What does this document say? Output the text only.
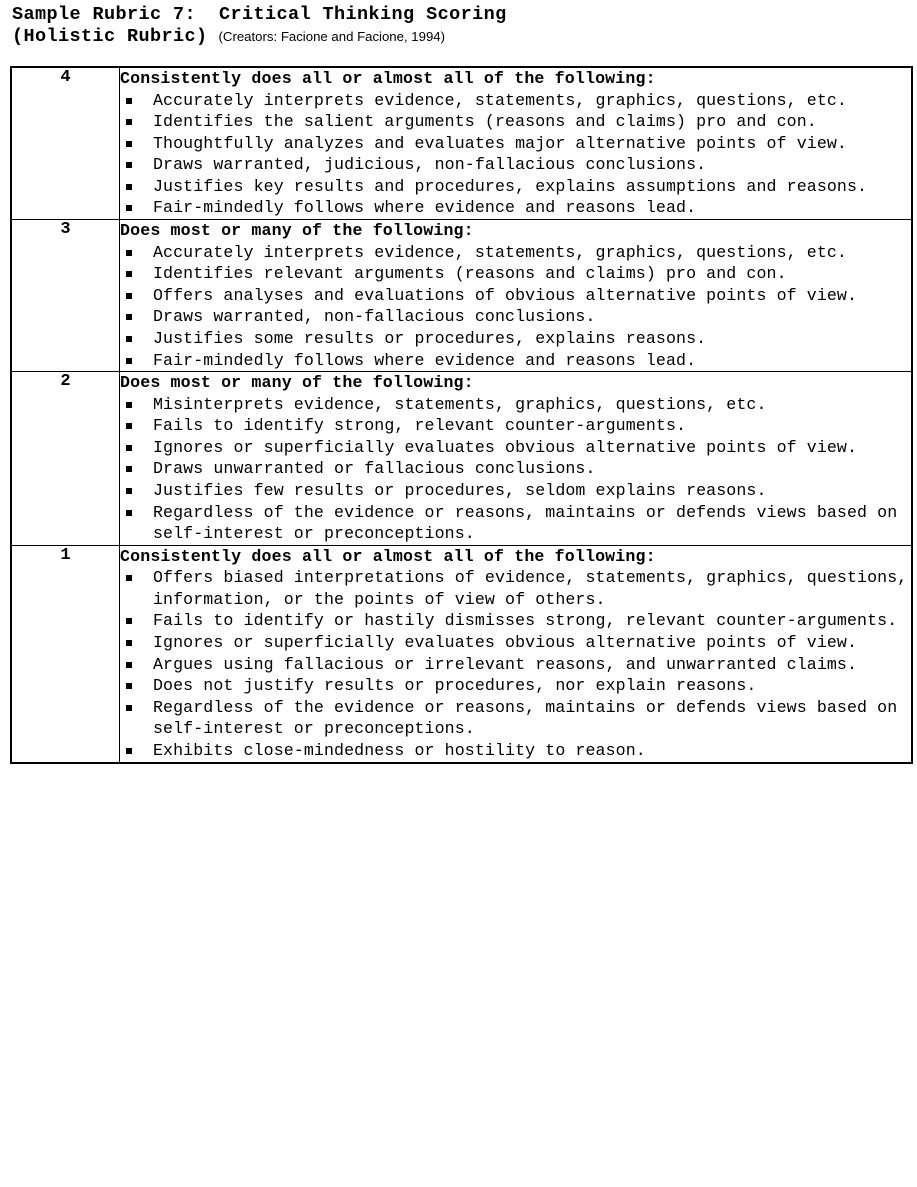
Sample Rubric 7:  Critical Thinking Scoring
(Holistic Rubric) (Creators: Facione and Facione, 1994)
4	Consistently does all or almost all of the following:
Accurately interprets evidence, statements, graphics, questions, etc.
Identifies the salient arguments (reasons and claims) pro and con.
Thoughtfully analyzes and evaluates major alternative points of view.
Draws warranted, judicious, non-fallacious conclusions.
Justifies key results and procedures, explains assumptions and reasons.
Fair-mindedly follows where evidence and reasons lead.

3	Does most or many of the following:
Accurately interprets evidence, statements, graphics, questions, etc.
Identifies relevant arguments (reasons and claims) pro and con.
Offers analyses and evaluations of obvious alternative points of view.
Draws warranted, non-fallacious conclusions.
Justifies some results or procedures, explains reasons.
Fair-mindedly follows where evidence and reasons lead.

2	Does most or many of the following:
Misinterprets evidence, statements, graphics, questions, etc.
Fails to identify strong, relevant counter-arguments.
Ignores or superficially evaluates obvious alternative points of view.
Draws unwarranted or fallacious conclusions.
Justifies few results or procedures, seldom explains reasons.
Regardless of the evidence or reasons, maintains or defends views based on self-interest or preconceptions.

1	Consistently does all or almost all of the following:
Offers biased interpretations of evidence, statements, graphics, questions, information, or the points of view of others.
Fails to identify or hastily dismisses strong, relevant counter-arguments.
Ignores or superficially evaluates obvious alternative points of view.
Argues using fallacious or irrelevant reasons, and unwarranted claims.
Does not justify results or procedures, nor explain reasons.
Regardless of the evidence or reasons, maintains or defends views based on self-interest or preconceptions.
Exhibits close-mindedness or hostility to reason.
